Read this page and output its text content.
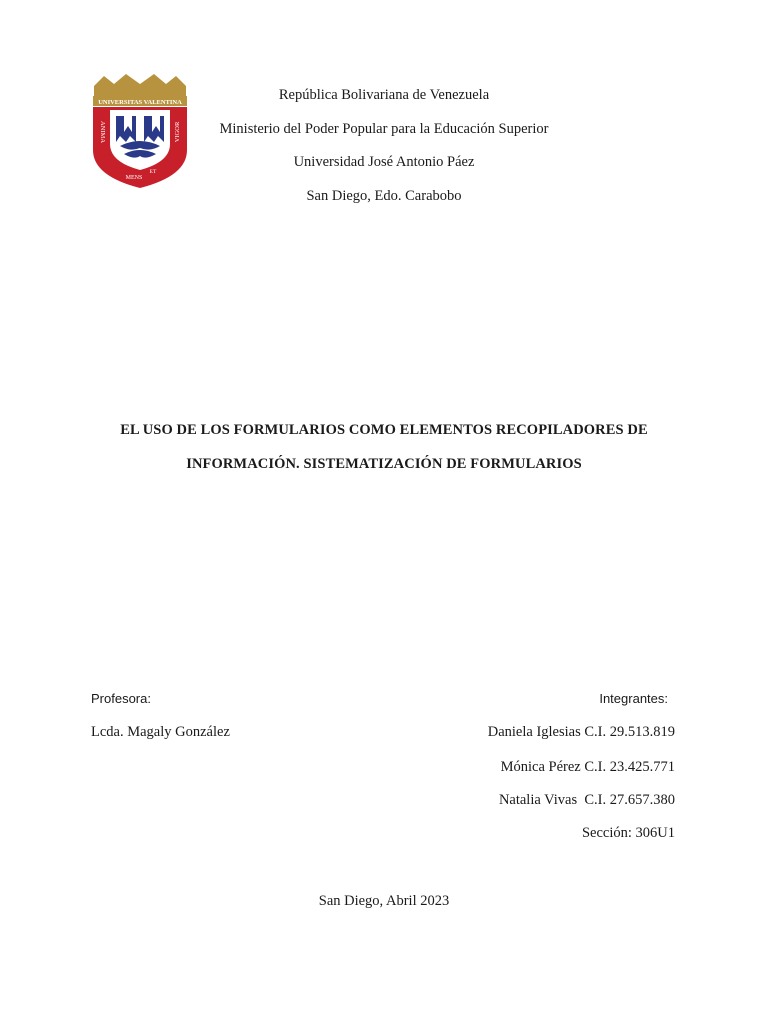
UNIVERSITAS VALENTINA
ANIMA	VIGOR
MENS
ET
República Bolivariana de Venezuela
Ministerio del Poder Popular para la Educación Superior
Universidad José Antonio Páez
San Diego, Edo. Carabobo
EL USO DE LOS FORMULARIOS COMO ELEMENTOS RECOPILADORES DE
INFORMACIÓN. SISTEMATIZACIÓN DE FORMULARIOS
Profesora:
Lcda. Magaly González
Integrantes:
Daniela Iglesias C.I. 29.513.819
Mónica Pérez C.I. 23.425.771
Natalia Vivas  C.I. 27.657.380
Sección: 306U1
San Diego, Abril 2023
